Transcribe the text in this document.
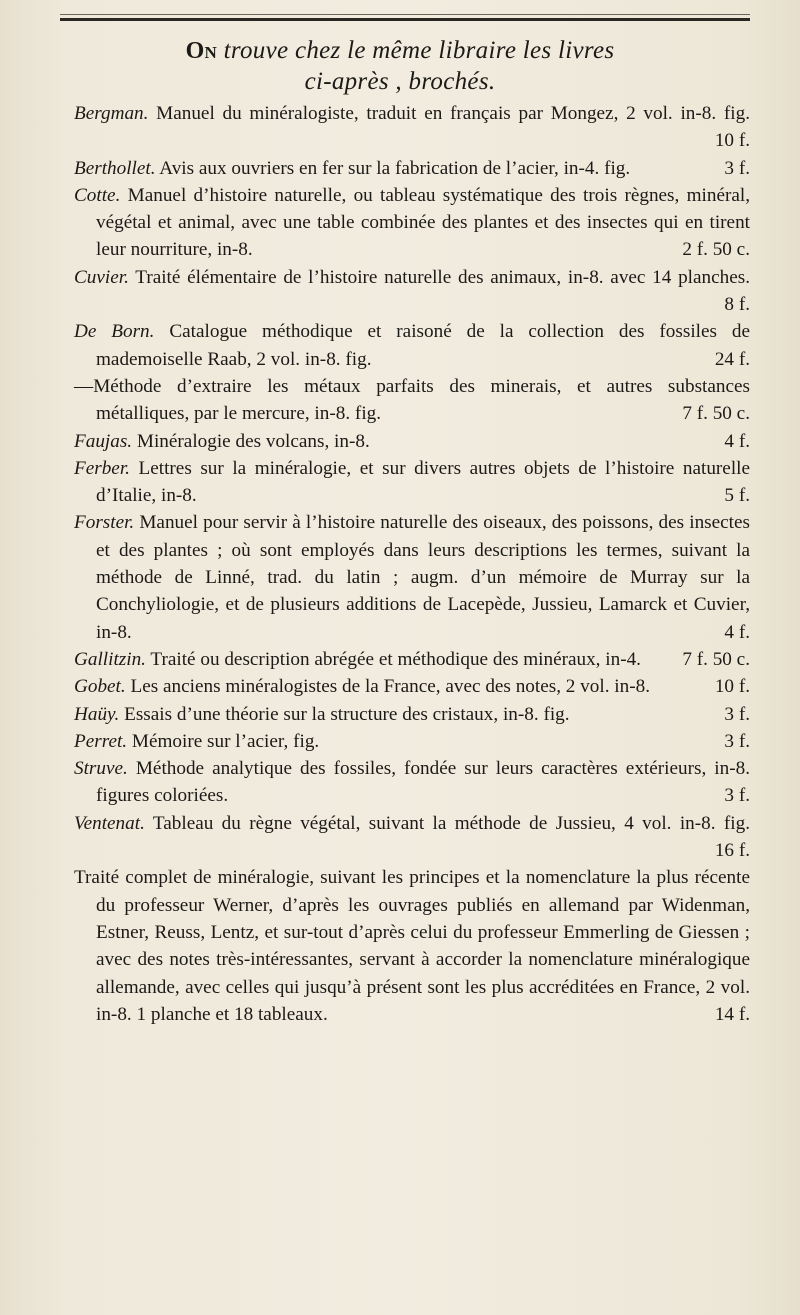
On trouve chez le même libraire les livres
ci-après , brochés.
Bergman. Manuel du minéralogiste, traduit en français par Mongez, 2 vol. in-8. fig.
10 f.
Berthollet. Avis aux ouvriers en fer sur la fabrication de l’acier, in-4. fig.	3 f.
Cotte. Manuel d’histoire naturelle, ou tableau systématique des trois règnes, minéral, végétal et animal, avec une table combinée des plantes et des insectes qui en tirent leur nourriture, in-8.	2 f. 50 c.
Cuvier. Traité élémentaire de l’histoire naturelle des animaux, in-8. avec 14 planches.
8 f.
De Born. Catalogue méthodique et raisoné de la collection des fossiles de mademoiselle Raab, 2 vol. in-8. fig.	24 f.
—Méthode d’extraire les métaux parfaits des minerais, et autres substances métalliques, par le mercure, in-8. fig.	7 f. 50 c.
Faujas. Minéralogie des volcans, in-8.	4 f.
Ferber. Lettres sur la minéralogie, et sur divers autres objets de l’histoire naturelle d’Italie, in-8.	5 f.
Forster. Manuel pour servir à l’histoire naturelle des oiseaux, des poissons, des insectes et des plantes ; où sont employés dans leurs descriptions les termes, suivant la méthode de Linné, trad. du latin ; augm. d’un mémoire de Murray sur la Conchyliologie, et de plusieurs additions de Lacepède, Jussieu, Lamarck et Cuvier, in-8.	4 f.
Gallitzin. Traité ou description abrégée et méthodique des minéraux, in-4. 7 f. 50 c.
Gobet. Les anciens minéralogistes de la France, avec des notes, 2 vol. in-8.	10 f.
Haüy. Essais d’une théorie sur la structure des cristaux, in-8. fig.	3 f.
Perret. Mémoire sur l’acier, fig.	3 f.
Struve. Méthode analytique des fossiles, fondée sur leurs caractères extérieurs, in-8. figures coloriées.	3 f.
Ventenat. Tableau du règne végétal, suivant la méthode de Jussieu, 4 vol. in-8. fig.
16 f.
Traité complet de minéralogie, suivant les principes et la nomenclature la plus récente du professeur Werner, d’après les ouvrages publiés en allemand par Widenman, Estner, Reuss, Lentz, et sur-tout d’après celui du professeur Emmerling de Giessen ; avec des notes très-intéressantes, servant à accorder la nomenclature minéralogique allemande, avec celles qui jusqu’à présent sont les plus accréditées en France, 2 vol. in-8. 1 planche et 18 tableaux.	14 f.
